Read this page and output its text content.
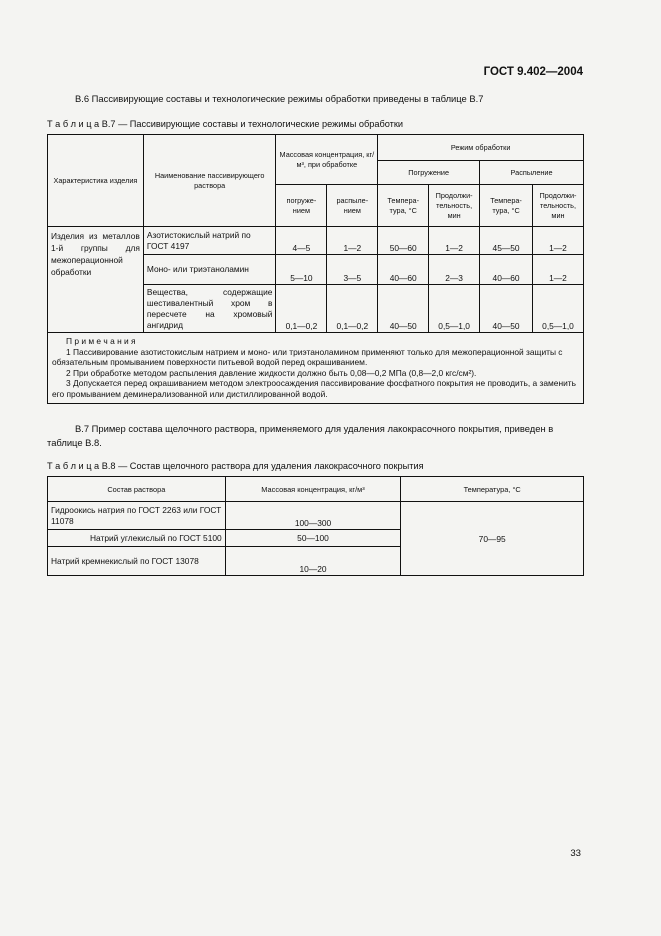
ГОСТ 9.402—2004
В.6 Пассивирующие составы и технологические режимы обработки приведены в таблице В.7
Т а б л и ц а В.7 — Пассивирующие составы и технологические режимы обработки
Характеристика изделия	Наименование пассивирующего раствора	Массовая концентрация, кг/м³, при обработке		Режим обработки			
				Погружение		Распыление	
		погруже-нием	распыле-нием	Темпера-тура, °С	Продолжи-тельность, мин	Темпера-тура, °С	Продолжи-тельность, мин
Изделия из металлов 1-й группы для межоперационной обработки	Азотистокислый натрий по ГОСТ 4197	4—5	1—2	50—60	1—2	45—50	1—2
	Моно- или триэтаноламин	5—10	3—5	40—60	2—3	40—60	1—2
	Вещества, содержащие шестивалентный хром в пересчете на хромовый ангидрид	0,1—0,2	0,1—0,2	40—50	0,5—1,0	40—50	0,5—1,0

П р и м е ч а н и я
1 Пассивирование азотистокислым натрием и моно- или триэтаноламином применяют только для межоперационной защиты с обязательным промыванием поверхности питьевой водой перед окрашиванием.
2 При обработке методом распыления давление жидкости должно быть 0,08—0,2 МПа (0,8—2,0 кгс/см²).
3 Допускается перед окрашиванием методом электроосаждения пассивирование фосфатного покрытия не проводить, а заменить его промыванием деминерализованной или дистиллированной водой.							
В.7 Пример состава щелочного раствора, применяемого для удаления лакокрасочного покрытия, приведен в таблице В.8.
Т а б л и ц а В.8 — Состав щелочного раствора для удаления лакокрасочного покрытия
Состав раствора	Массовая концентрация, кг/м³	Температура, °С
Гидроокись натрия по ГОСТ 2263 или ГОСТ 11078	100—300	70—95
Натрий углекислый по ГОСТ 5100	50—100	
Натрий кремнекислый по ГОСТ 13078	10—20	
33
